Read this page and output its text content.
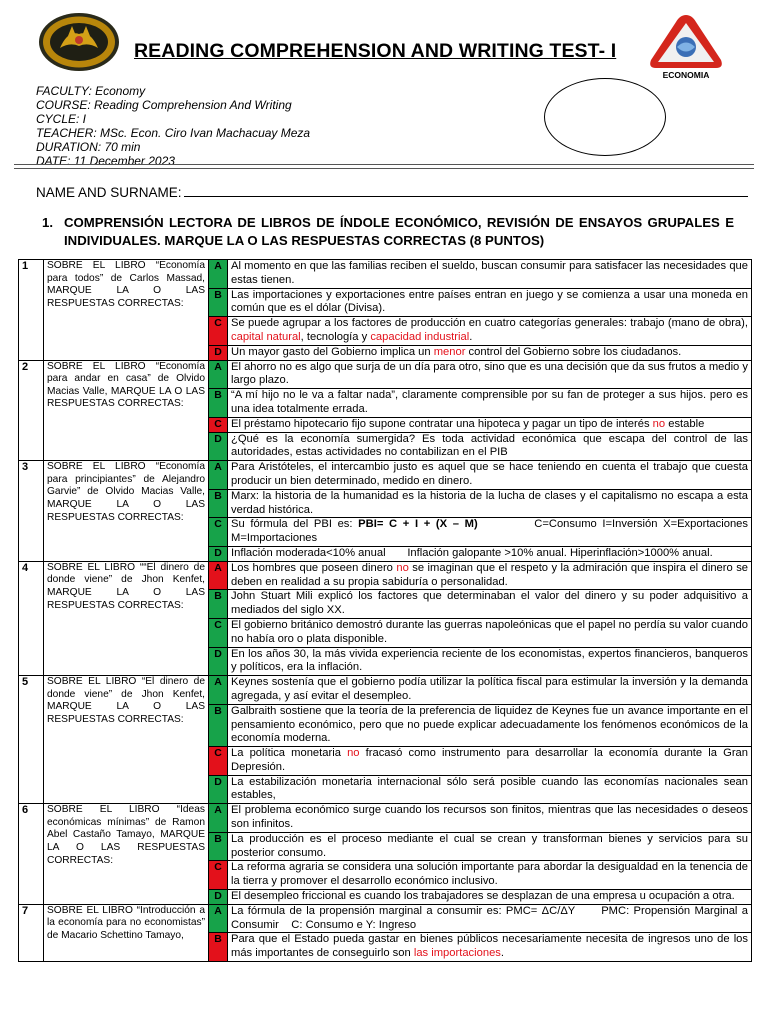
ECONOMIA
READING COMPREHENSION AND WRITING TEST- I
FACULTY: Economy
COURSE: Reading Comprehension And Writing
CYCLE: I
TEACHER: MSc. Econ. Ciro Ivan Machacuay Meza
DURATION: 70 min
DATE: 11 December 2023
NAME AND SURNAME:
1. COMPRENSIÓN LECTORA DE LIBROS DE ÍNDOLE ECONÓMICO, REVISIÓN DE ENSAYOS GRUPALES E INDIVIDUALES. MARQUE LA O LAS RESPUESTAS CORRECTAS (8 PUNTOS)
1	SOBRE EL LIBRO “Economía para todos” de Carlos Massad, MARQUE LA O LAS RESPUESTAS CORRECTAS:	A	Al momento en que las familias reciben el sueldo, buscan consumir para satisfacer las necesidades que estas tienen.
		B	Las importaciones y exportaciones entre países entran en juego y se comienza a usar una moneda en común que es el dólar (Divisa).
		C	Se puede agrupar a los factores de producción en cuatro categorías generales: trabajo (mano de obra), capital natural, tecnología y capacidad industrial.
		D	Un mayor gasto del Gobierno implica un menor control del Gobierno sobre los ciudadanos.
2	SOBRE EL LIBRO “Economía para andar en casa” de Olvido Macias Valle, MARQUE LA O LAS RESPUESTAS CORRECTAS:	A	El ahorro no es algo que surja de un día para otro, sino que es una decisión que da sus frutos a medio y largo plazo.
		B	“A mí hijo no le va a faltar nada”, claramente comprensible por su fan de proteger a sus hijos. pero es una idea totalmente errada.
		C	El préstamo hipotecario fijo supone contratar una hipoteca y pagar un tipo de interés no estable
		D	¿Qué es la economía sumergida? Es toda actividad económica que escapa del control de las autoridades, estas actividades no contabilizan en el PIB
3	SOBRE EL LIBRO “Economía para principiantes” de Alejandro Garvie” de Olvido Macias Valle, MARQUE LA O LAS RESPUESTAS CORRECTAS:	A	Para Aristóteles, el intercambio justo es aquel que se hace teniendo en cuenta el trabajo que cuesta producir un bien determinado, medido en dinero.
		B	Marx: la historia de la humanidad es la historia de la lucha de clases y el capitalismo no escapa a esta verdad histórica.
		C	Su fórmula del PBI es: PBI= C + I + (X – M)          C=Consumo I=Inversión X=Exportaciones M=Importaciones
		D	Inflación moderada<10% anual       Inflación galopante >10% anual. Hiperinflación>1000% anual.
4	SOBRE EL LIBRO ““El dinero de donde viene” de Jhon Kenfet, MARQUE LA O LAS RESPUESTAS CORRECTAS:	A	Los hombres que poseen dinero no se imaginan que el respeto y la admiración que inspira el dinero se deben en realidad a su propia sabiduría o personalidad.
		B	John Stuart Mili explicó los factores que determinaban el valor del dinero y su poder adquisitivo a mediados del siglo XX.
		C	El gobierno británico demostró durante las guerras napoleónicas que el papel no perdía su valor cuando no había oro o plata disponible.
		D	En los años 30, la más vivida experiencia reciente de los economistas, expertos financieros, banqueros y políticos, era la inflación.
5	SOBRE EL LIBRO “El dinero de donde viene” de Jhon Kenfet, MARQUE LA O LAS RESPUESTAS CORRECTAS:	A	Keynes sostenía que el gobierno podía utilizar la política fiscal para estimular la inversión y la demanda agregada, y así evitar el desempleo.
		B	Galbraith sostiene que la teoría de la preferencia de liquidez de Keynes fue un avance importante en el pensamiento económico, pero que no puede explicar adecuadamente los fenómenos económicos de la economía moderna.
		C	La política monetaria no fracasó como instrumento para desarrollar la economía durante la Gran Depresión.
		D	La estabilización monetaria internacional sólo será posible cuando las economías nacionales sean estables,
6	SOBRE EL LIBRO “Ideas económicas mínimas” de Ramon Abel Castaño Tamayo, MARQUE LA O LAS RESPUESTAS CORRECTAS:	A	El problema económico surge cuando los recursos son finitos, mientras que las necesidades o deseos son infinitos.
		B	La producción es el proceso mediante el cual se crean y transforman bienes y servicios para su posterior consumo.
		C	La reforma agraria se considera una solución importante para abordar la desigualdad en la tenencia de la tierra y promover el desarrollo económico inclusivo.
		D	El desempleo friccional es cuando los trabajadores se desplazan de una empresa u ocupación a otra.
7	SOBRE EL LIBRO “Introducción a la economía para no economistas” de Macario Schettino Tamayo,	A	La fórmula de la propensión marginal a consumir es: PMC= ΔC/ΔY      PMC: Propensión Marginal a Consumir    C: Consumo e Y: Ingreso
		B	Para que el Estado pueda gastar en bienes públicos necesariamente necesita de ingresos uno de los más importantes de conseguirlo son las importaciones.
